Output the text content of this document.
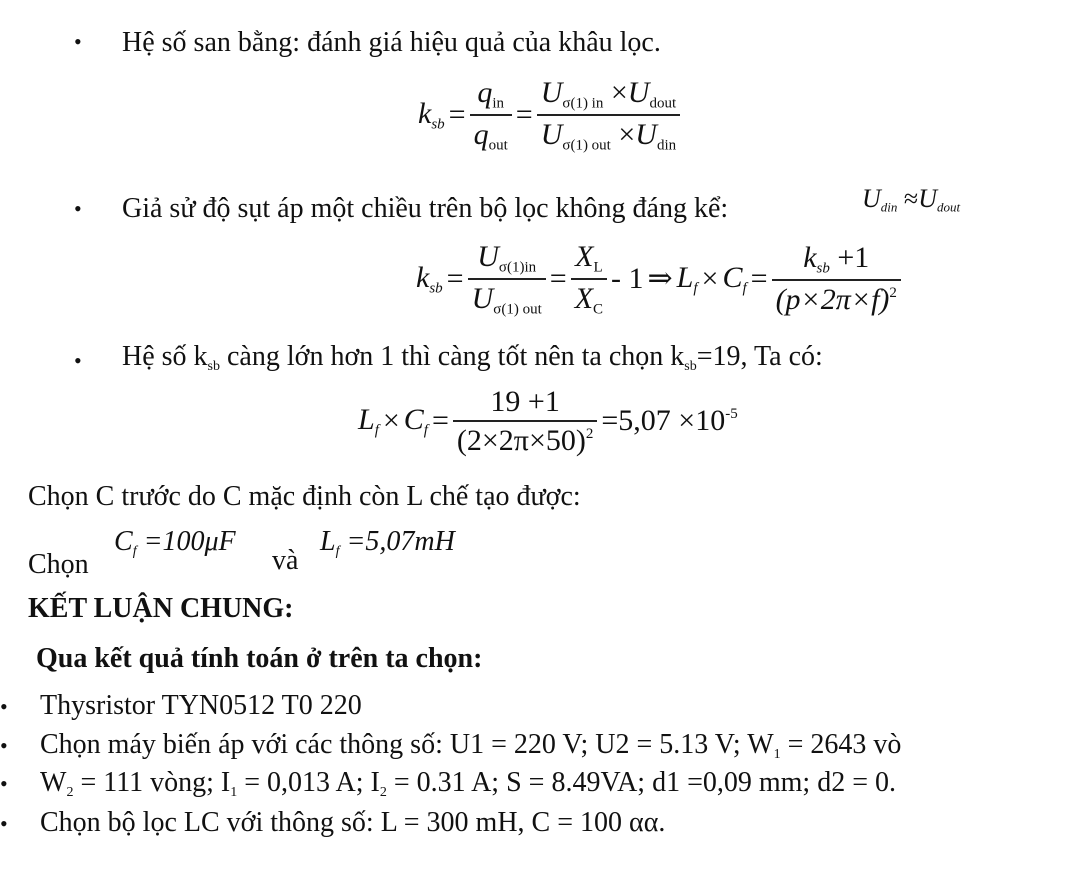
• Hệ số san bằng: đánh giá hiệu quả của khâu lọc.
ksb = $\frac{q_{in}}{q_{out}} = \frac{U_{\sigma(1) in} \times U_{dout}}{U_{\sigma(1) out} \times U_{din}}$
• Giả sử độ sụt áp một chiều trên bộ lọc không đáng kể:	Udin ≈Udout
ksb = $\frac{U_{\sigma(1)in}}{U_{\sigma(1) out}} = \frac{X_L}{X_C} - 1$ ⇒ $Lf \times Cf = \frac{\text{ksb +1}}{(p\times 2\pi\times f)^2}$
• Hệ số $k_{sb}$ càng lớn hơn 1 thì càng tốt nên ta chọn $k_{sb}=19$, Ta có:
$Lf \times Cf = \frac{19 +1}{(2\times 2\pi\times 50)^2} =5,07 \times 10^{-5}$
Chọn C trước do C mặc định còn L chế tạo được:
Chọn
Cf =100μF
và
Lf =5,07mH
KẾT LUẬN CHUNG:
Qua kết quả tính toán ở trên ta chọn:
• Thysristor TYN0512 T0 220
• Chọn máy biến áp với các thông số: U1 = 220 V; U2 = 5.13 V; $W_1 = 2643$ vò
• $W_2 = 111$ vòng; $I_1 = 0,013$ A; $I_2 = 0.31$ A; S = 8.49VA; d1 =0,09 mm; d2 = 0.
• Chọn bộ lọc LC với thông số: L = 300 mH, C = 100 αα.
